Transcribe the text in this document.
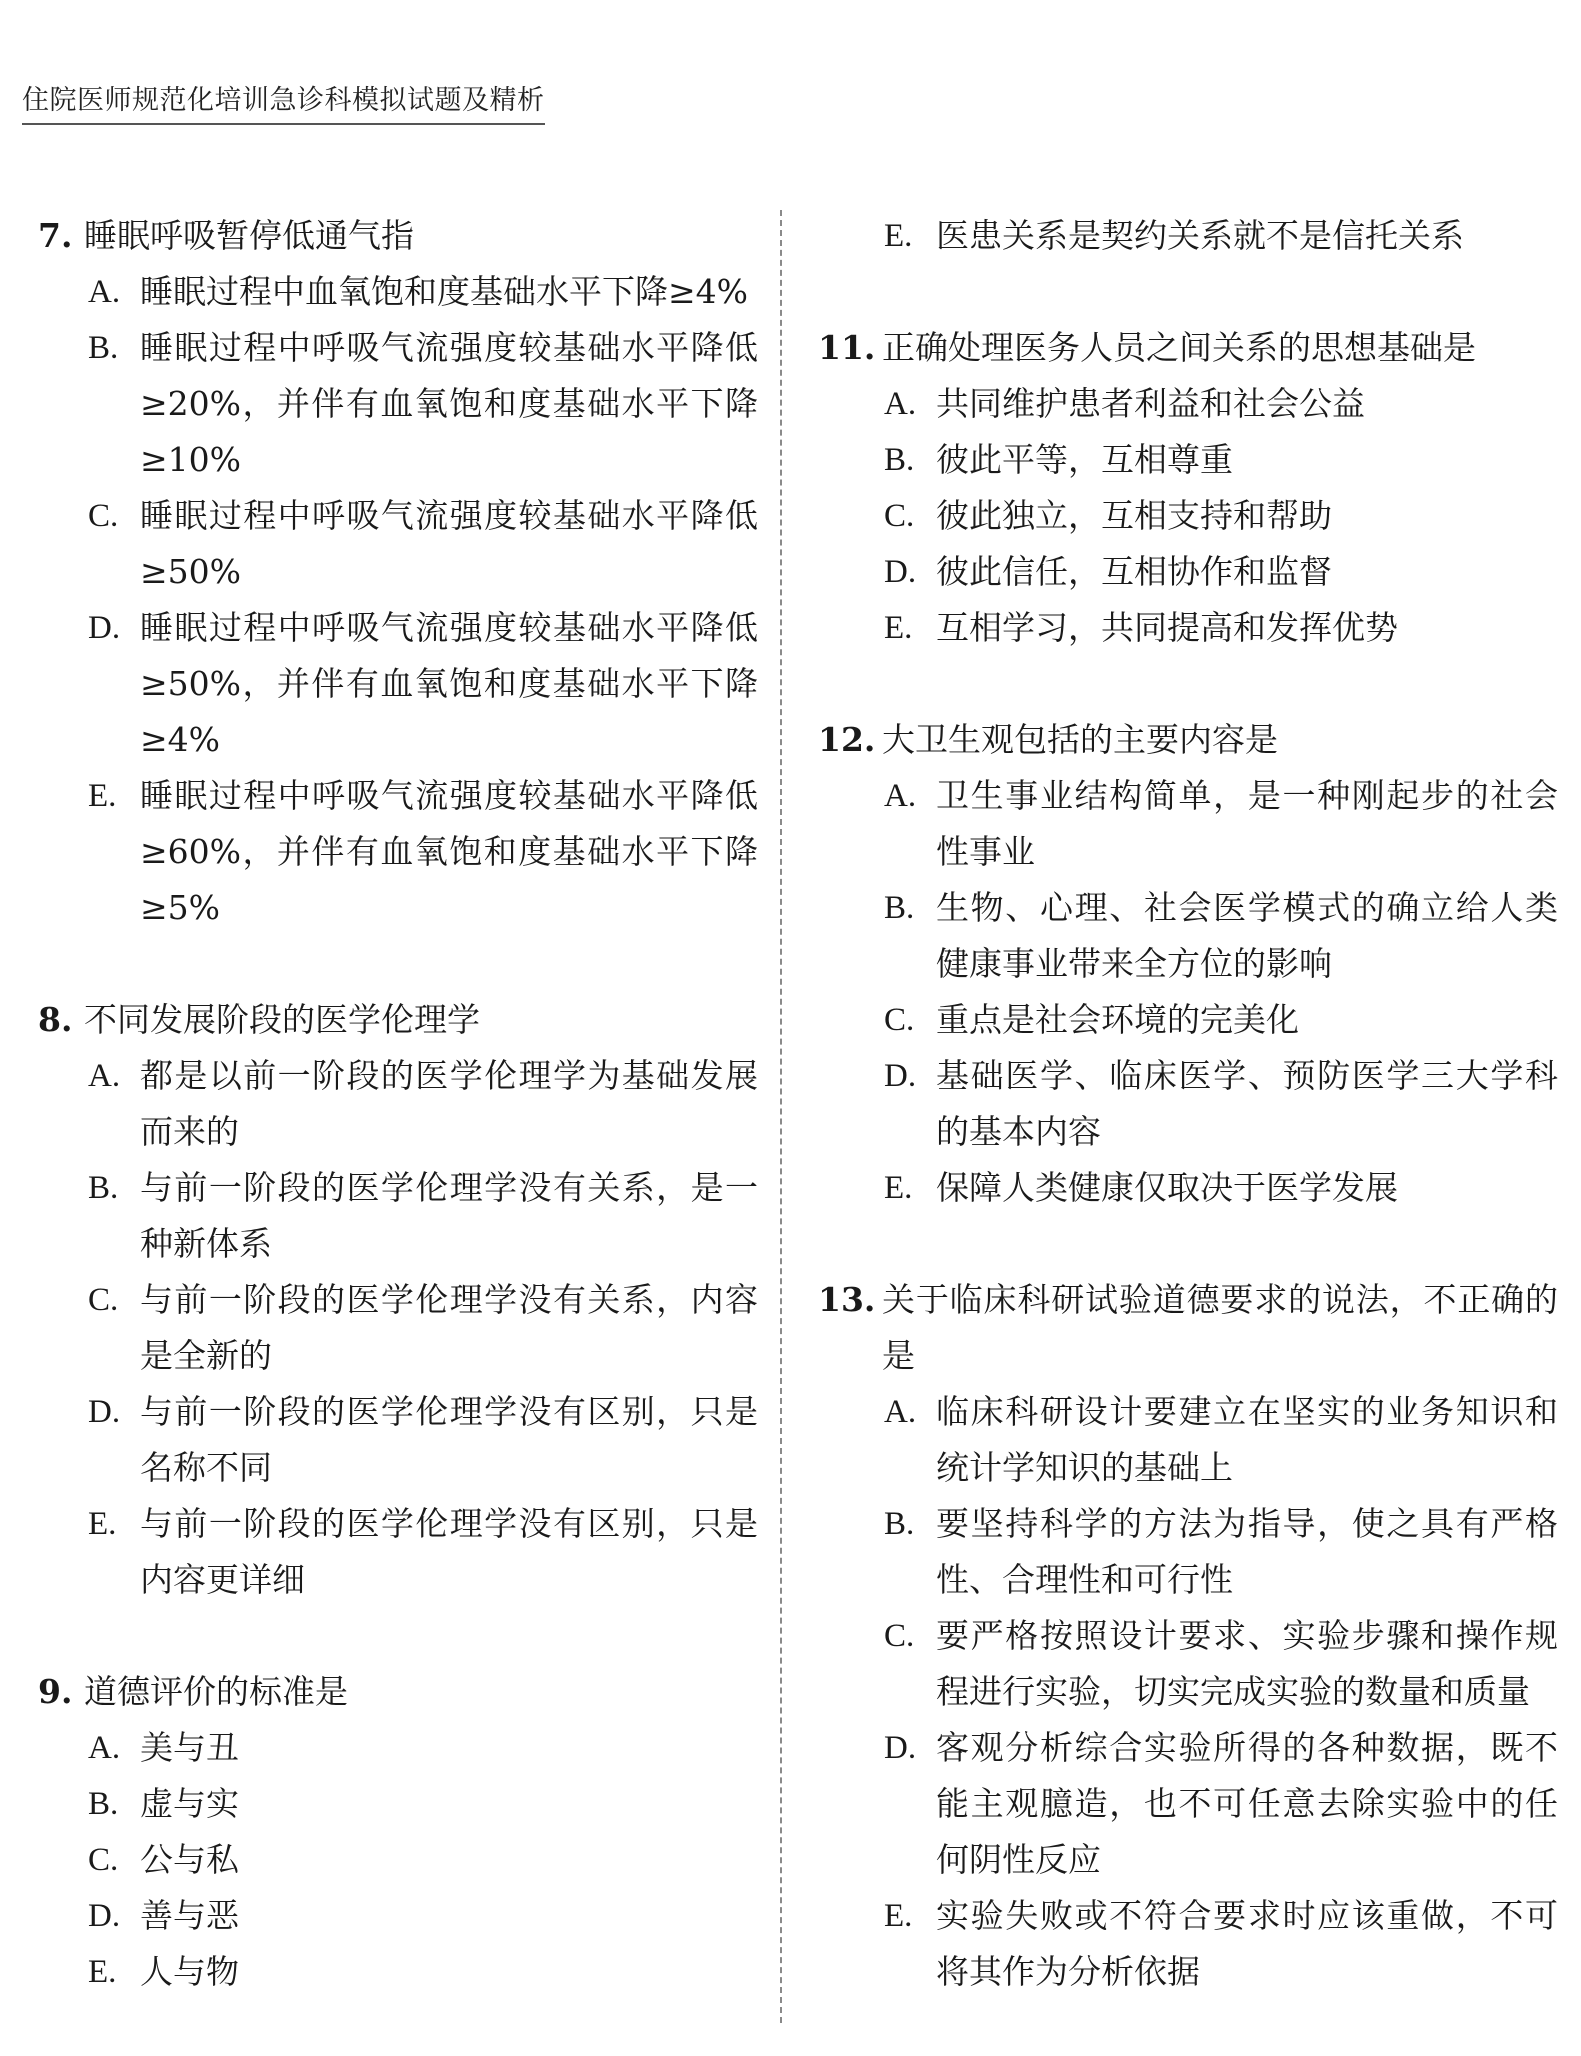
住院医师规范化培训急诊科模拟试题及精析
7. 睡眠呼吸暂停低通气指
A. 睡眠过程中血氧饱和度基础水平下降≥4%
B. 睡眠过程中呼吸气流强度较基础水平降低≥20%，并伴有血氧饱和度基础水平下降≥10%
C. 睡眠过程中呼吸气流强度较基础水平降低≥50%
D. 睡眠过程中呼吸气流强度较基础水平降低≥50%，并伴有血氧饱和度基础水平下降≥4%
E. 睡眠过程中呼吸气流强度较基础水平降低≥60%，并伴有血氧饱和度基础水平下降≥5%
8. 不同发展阶段的医学伦理学
A. 都是以前一阶段的医学伦理学为基础发展而来的
B. 与前一阶段的医学伦理学没有关系，是一种新体系
C. 与前一阶段的医学伦理学没有关系，内容是全新的
D. 与前一阶段的医学伦理学没有区别，只是名称不同
E. 与前一阶段的医学伦理学没有区别，只是内容更详细
9. 道德评价的标准是
A. 美与丑
B. 虚与实
C. 公与私
D. 善与恶
E. 人与物
E. 医患关系是契约关系就不是信托关系
11. 正确处理医务人员之间关系的思想基础是
A. 共同维护患者利益和社会公益
B. 彼此平等，互相尊重
C. 彼此独立，互相支持和帮助
D. 彼此信任，互相协作和监督
E. 互相学习，共同提高和发挥优势
12. 大卫生观包括的主要内容是
A. 卫生事业结构简单，是一种刚起步的社会性事业
B. 生物、心理、社会医学模式的确立给人类健康事业带来全方位的影响
C. 重点是社会环境的完美化
D. 基础医学、临床医学、预防医学三大学科的基本内容
E. 保障人类健康仅取决于医学发展
13. 关于临床科研试验道德要求的说法，不正确的是
A. 临床科研设计要建立在坚实的业务知识和统计学知识的基础上
B. 要坚持科学的方法为指导，使之具有严格性、合理性和可行性
C. 要严格按照设计要求、实验步骤和操作规程进行实验，切实完成实验的数量和质量
D. 客观分析综合实验所得的各种数据，既不能主观臆造，也不可任意去除实验中的任何阴性反应
E. 实验失败或不符合要求时应该重做，不可将其作为分析依据
